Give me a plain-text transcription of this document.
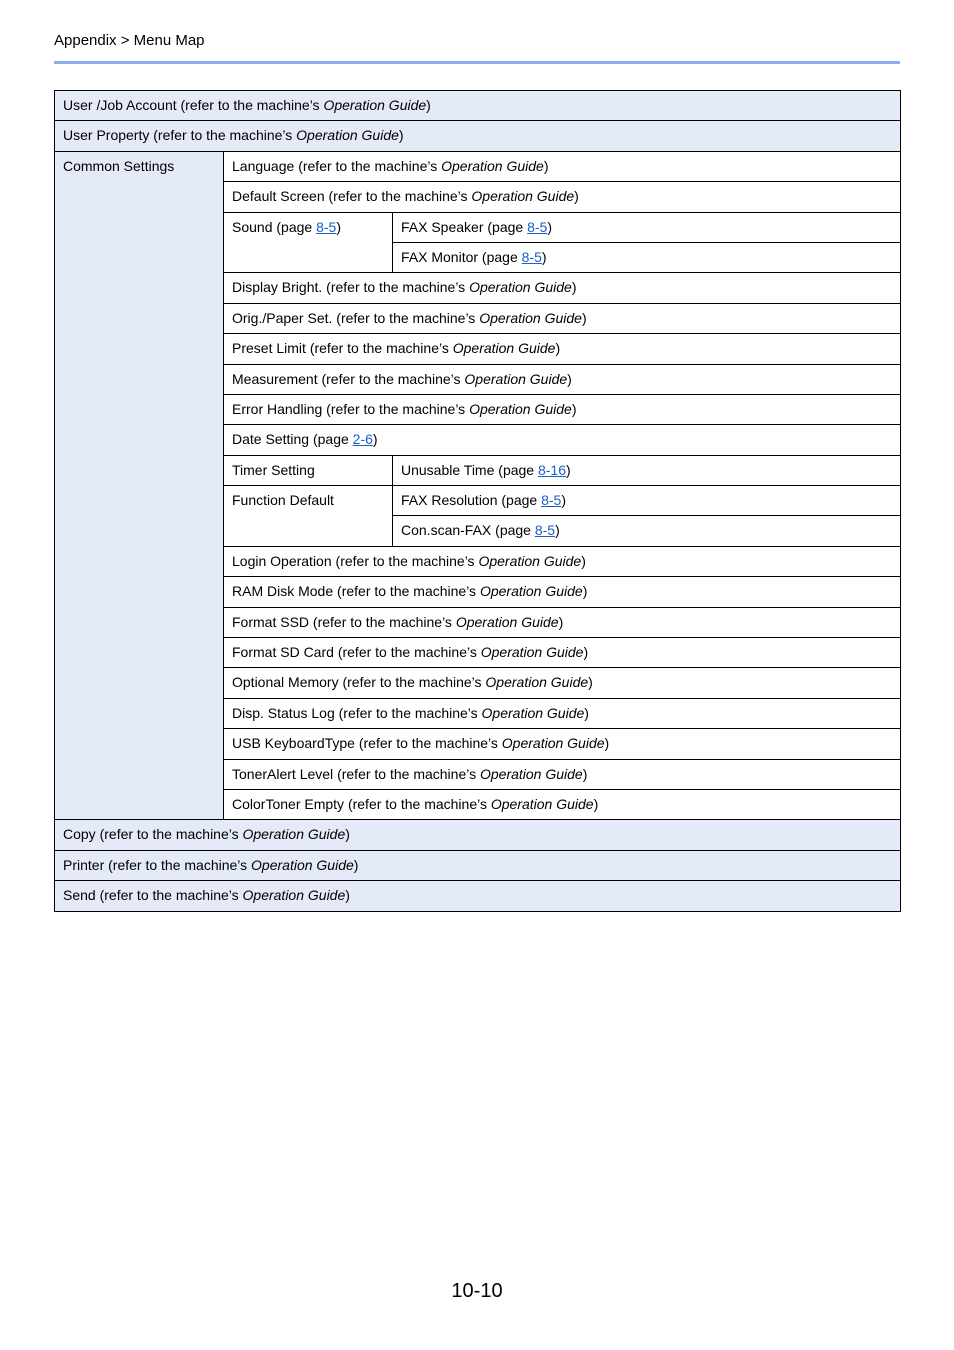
Appendix > Menu Map
User /Job Account (refer to the machine’s Operation Guide)		
User Property (refer to the machine’s Operation Guide)		
Common Settings	Language (refer to the machine’s Operation Guide)	
	Default Screen (refer to the machine’s Operation Guide)	
	Sound (page 8-5)	FAX Speaker (page 8-5)
		FAX Monitor (page 8-5)
	Display Bright. (refer to the machine’s Operation Guide)	
	Orig./Paper Set. (refer to the machine’s Operation Guide)	
	Preset Limit (refer to the machine’s Operation Guide)	
	Measurement (refer to the machine’s Operation Guide)	
	Error Handling (refer to the machine’s Operation Guide)	
	Date Setting (page 2-6)	
	Timer Setting	Unusable Time (page 8-16)
	Function Default	FAX Resolution (page 8-5)
		Con.scan-FAX (page 8-5)
	Login Operation (refer to the machine’s Operation Guide)	
	RAM Disk Mode (refer to the machine’s Operation Guide)	
	Format SSD (refer to the machine’s Operation Guide)	
	Format SD Card (refer to the machine’s Operation Guide)	
	Optional Memory (refer to the machine’s Operation Guide)	
	Disp. Status Log (refer to the machine’s Operation Guide)	
	USB KeyboardType (refer to the machine’s Operation Guide)	
	TonerAlert Level (refer to the machine’s Operation Guide)	
	ColorToner Empty (refer to the machine’s Operation Guide)	
Copy (refer to the machine’s Operation Guide)		
Printer (refer to the machine’s Operation Guide)		
Send (refer to the machine’s Operation Guide)		
10-10
